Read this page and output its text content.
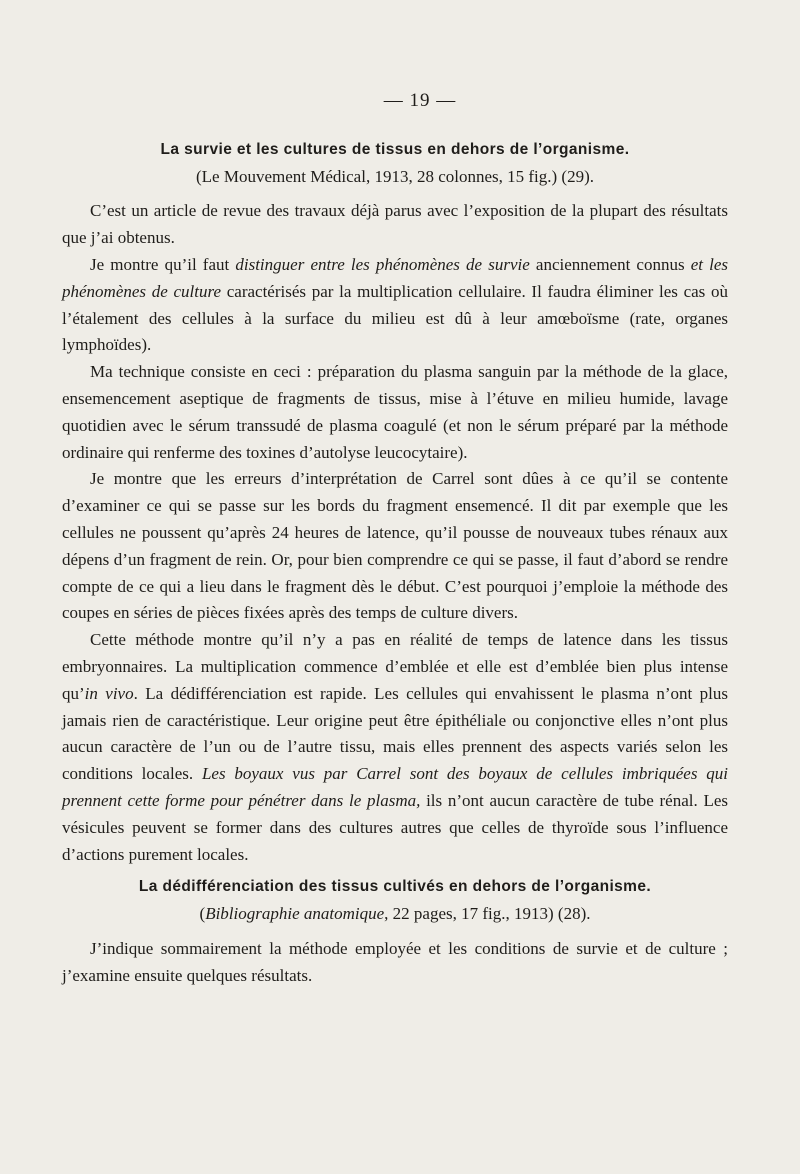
— 19 —
La survie et les cultures de tissus en dehors de l’organisme.
(Le Mouvement Médical, 1913, 28 colonnes, 15 fig.) (29).

C’est un article de revue des travaux déjà parus avec l’exposition de la plupart des résultats que j’ai obtenus.

Je montre qu’il faut distinguer entre les phénomènes de survie anciennement connus et les phénomènes de culture caractérisés par la multiplication cellulaire. Il faudra éliminer les cas où l’étalement des cellules à la surface du milieu est dû à leur amœboïsme (rate, organes lymphoïdes).

Ma technique consiste en ceci : préparation du plasma sanguin par la méthode de la glace, ensemencement aseptique de fragments de tissus, mise à l’étuve en milieu humide, lavage quotidien avec le sérum transsudé de plasma coagulé (et non le sérum préparé par la méthode ordinaire qui renferme des toxines d’autolyse leucocytaire).

Je montre que les erreurs d’interprétation de Carrel sont dûes à ce qu’il se contente d’examiner ce qui se passe sur les bords du fragment ensemencé. Il dit par exemple que les cellules ne poussent qu’après 24 heures de latence, qu’il pousse de nouveaux tubes rénaux aux dépens d’un fragment de rein. Or, pour bien comprendre ce qui se passe, il faut d’abord se rendre compte de ce qui a lieu dans le fragment dès le début. C’est pourquoi j’emploie la méthode des coupes en séries de pièces fixées après des temps de culture divers.

Cette méthode montre qu’il n’y a pas en réalité de temps de latence dans les tissus embryonnaires. La multiplication commence d’emblée et elle est d’emblée bien plus intense qu’in vivo. La dédifférenciation est rapide. Les cellules qui envahissent le plasma n’ont plus jamais rien de caractéristique. Leur origine peut être épithéliale ou conjonctive elles n’ont plus aucun caractère de l’un ou de l’autre tissu, mais elles prennent des aspects variés selon les conditions locales. Les boyaux vus par Carrel sont des boyaux de cellules imbriquées qui prennent cette forme pour pénétrer dans le plasma, ils n’ont aucun caractère de tube rénal. Les vésicules peuvent se former dans des cultures autres que celles de thyroïde sous l’influence d’actions purement locales.

La dédifférenciation des tissus cultivés en dehors de l’organisme.
(Bibliographie anatomique, 22 pages, 17 fig., 1913) (28).

J’indique sommairement la méthode employée et les conditions de survie et de culture ; j’examine ensuite quelques résultats.
